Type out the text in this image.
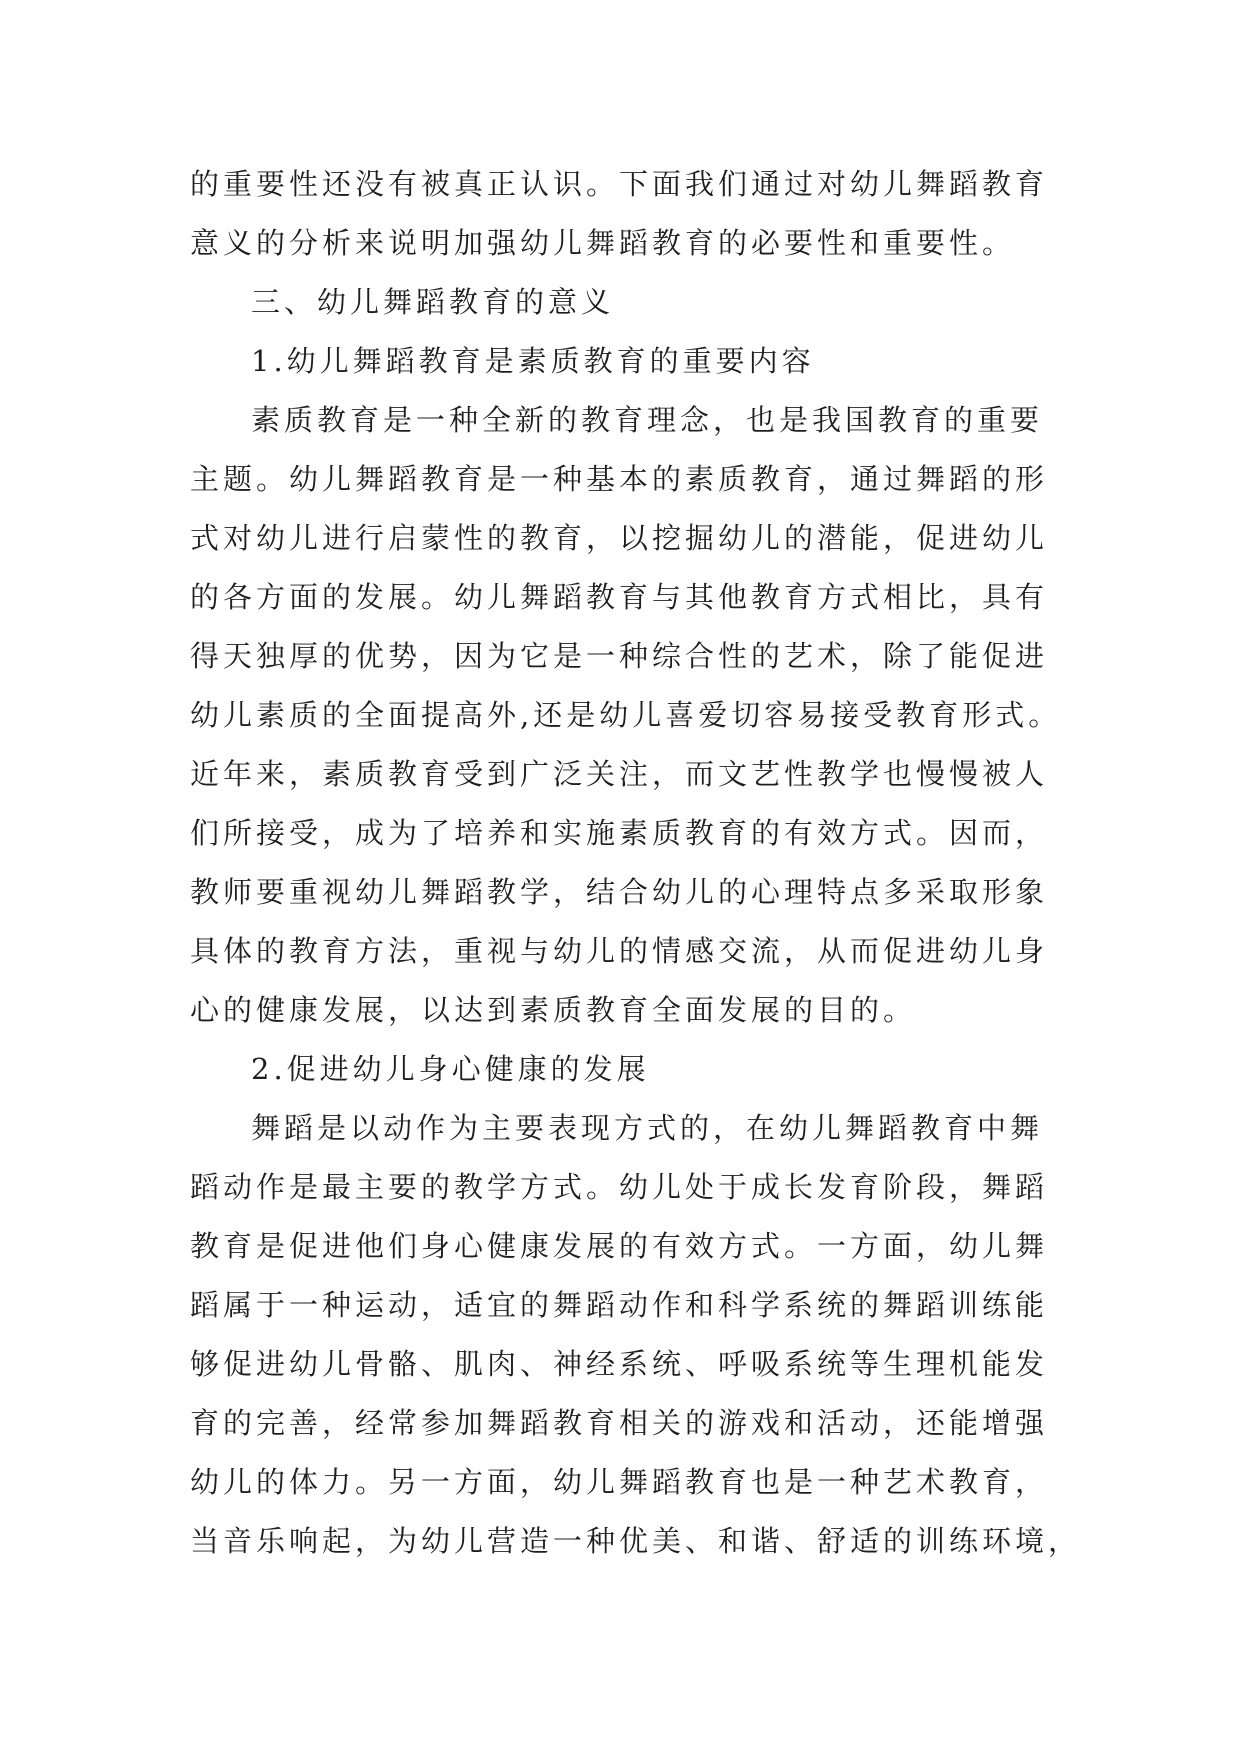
的重要性还没有被真正认识。下面我们通过对幼儿舞蹈教育
意义的分析来说明加强幼儿舞蹈教育的必要性和重要性。
三、幼儿舞蹈教育的意义
1.幼儿舞蹈教育是素质教育的重要内容
素质教育是一种全新的教育理念，也是我国教育的重要
主题。幼儿舞蹈教育是一种基本的素质教育，通过舞蹈的形
式对幼儿进行启蒙性的教育，以挖掘幼儿的潜能，促进幼儿
的各方面的发展。幼儿舞蹈教育与其他教育方式相比，具有
得天独厚的优势，因为它是一种综合性的艺术，除了能促进
幼儿素质的全面提高外,还是幼儿喜爱切容易接受教育形式。
近年来，素质教育受到广泛关注，而文艺性教学也慢慢被人
们所接受，成为了培养和实施素质教育的有效方式。因而，
教师要重视幼儿舞蹈教学，结合幼儿的心理特点多采取形象
具体的教育方法，重视与幼儿的情感交流，从而促进幼儿身
心的健康发展，以达到素质教育全面发展的目的。
2.促进幼儿身心健康的发展
舞蹈是以动作为主要表现方式的，在幼儿舞蹈教育中舞
蹈动作是最主要的教学方式。幼儿处于成长发育阶段，舞蹈
教育是促进他们身心健康发展的有效方式。一方面，幼儿舞
蹈属于一种运动，适宜的舞蹈动作和科学系统的舞蹈训练能
够促进幼儿骨骼、肌肉、神经系统、呼吸系统等生理机能发
育的完善，经常参加舞蹈教育相关的游戏和活动，还能增强
幼儿的体力。另一方面，幼儿舞蹈教育也是一种艺术教育，
当音乐响起，为幼儿营造一种优美、和谐、舒适的训练环境，
